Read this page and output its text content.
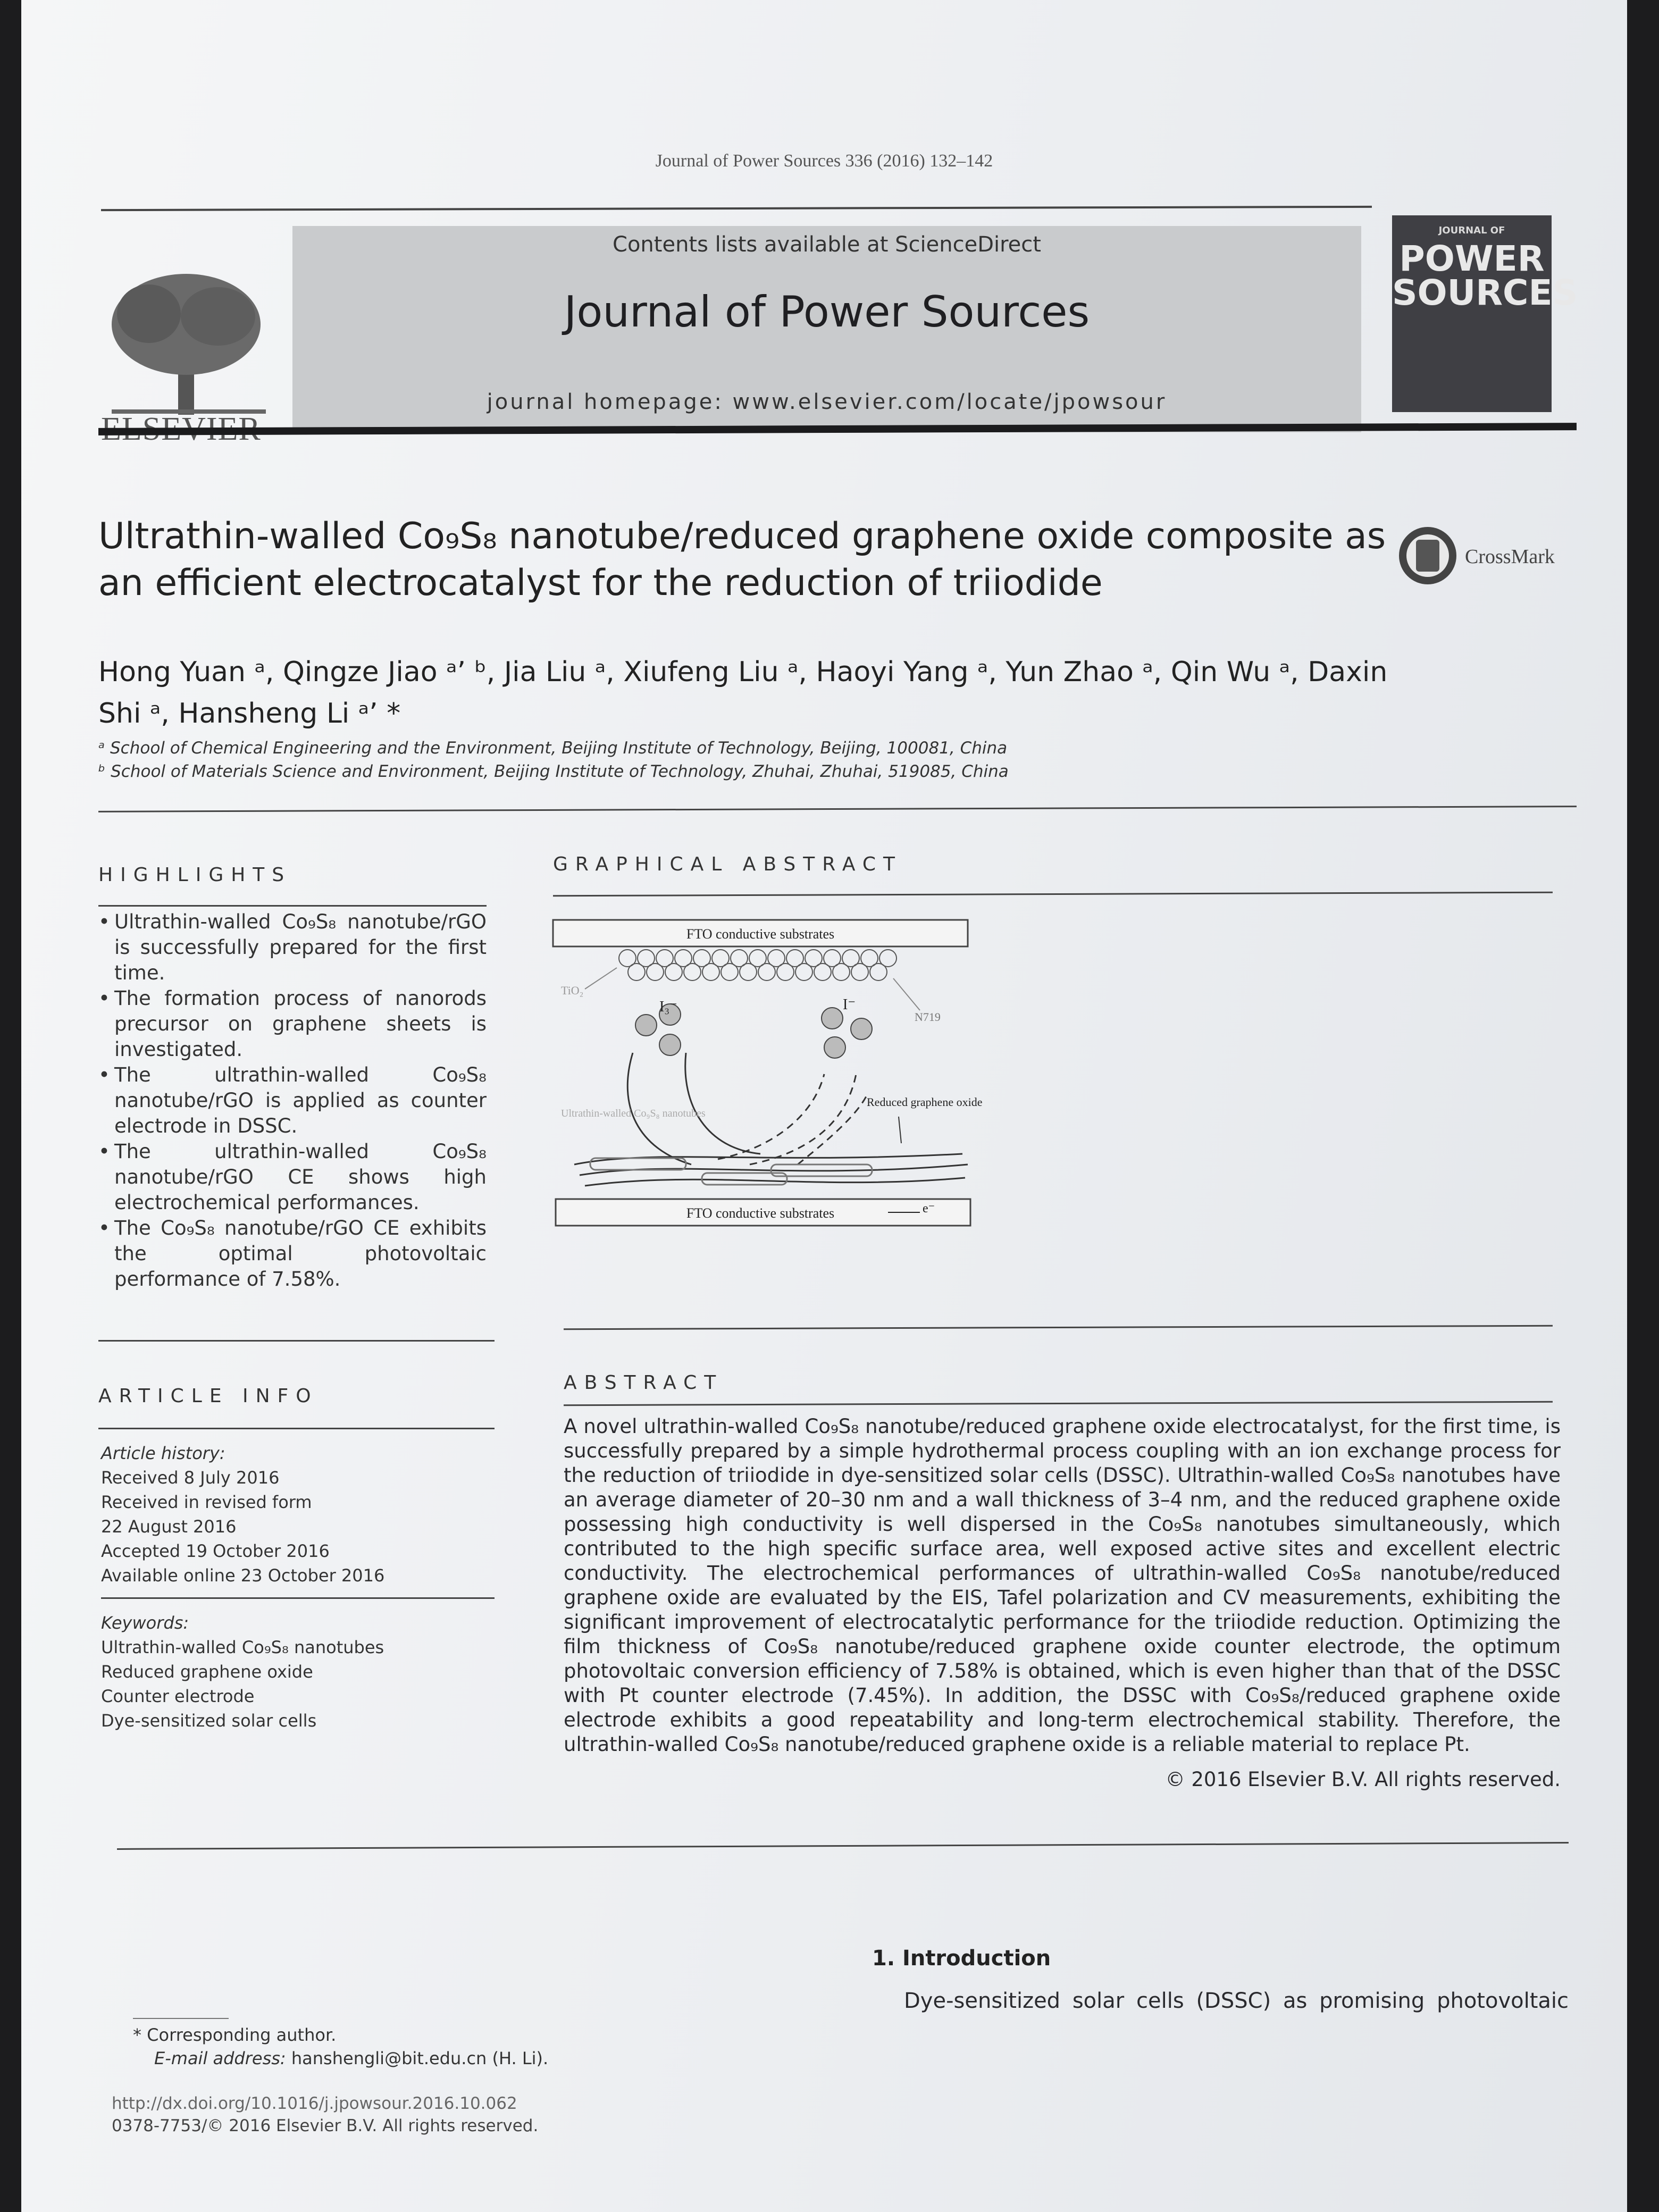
Journal of Power Sources 336 (2016) 132–142
Contents lists available at ScienceDirect
Journal of Power Sources
journal homepage: www.elsevier.com/locate/jpowsour
JOURNAL OF
POWER SOURCES
Ultrathin-walled Co₉S₈ nanotube/reduced graphene oxide composite as an efficient electrocatalyst for the reduction of triiodide
CrossMark
Hong Yuan ᵃ, Qingze Jiao ᵃ’ ᵇ, Jia Liu ᵃ, Xiufeng Liu ᵃ, Haoyi Yang ᵃ, Yun Zhao ᵃ, Qin Wu ᵃ, Daxin Shi ᵃ, Hansheng Li ᵃ’ *
ᵃ School of Chemical Engineering and the Environment, Beijing Institute of Technology, Beijing, 100081, China
ᵇ School of Materials Science and Environment, Beijing Institute of Technology, Zhuhai, Zhuhai, 519085, China
HIGHLIGHTS
• Ultrathin-walled Co₉S₈ nanotube/rGO is successfully prepared for the first time.
• The formation process of nanorods precursor on graphene sheets is investigated.
• The ultrathin-walled Co₉S₈ nanotube/rGO is applied as counter electrode in DSSC.
• The ultrathin-walled Co₉S₈ nanotube/rGO CE shows high electrochemical performances.
• The Co₉S₈ nanotube/rGO CE exhibits the optimal photovoltaic performance of 7.58%.
GRAPHICAL ABSTRACT
FTO conductive substrates
TiO₂
N719
I₃⁻	I⁻
Reduced graphene oxide
Ultrathin-walled Co₉S₈ nanotubes
FTO conductive substrates	e⁻
ARTICLE INFO
Article history:
Received 8 July 2016
Received in revised form
22 August 2016
Accepted 19 October 2016
Available online 23 October 2016
Keywords:
Ultrathin-walled Co₉S₈ nanotubes
Reduced graphene oxide
Counter electrode
Dye-sensitized solar cells
ABSTRACT
A novel ultrathin-walled Co₉S₈ nanotube/reduced graphene oxide electrocatalyst, for the first time, is successfully prepared by a simple hydrothermal process coupling with an ion exchange process for the reduction of triiodide in dye-sensitized solar cells (DSSC). Ultrathin-walled Co₉S₈ nanotubes have an average diameter of 20–30 nm and a wall thickness of 3–4 nm, and the reduced graphene oxide possessing high conductivity is well dispersed in the Co₉S₈ nanotubes simultaneously, which contributed to the high specific surface area, well exposed active sites and excellent electric conductivity. The electrochemical performances of ultrathin-walled Co₉S₈ nanotube/reduced graphene oxide are evaluated by the EIS, Tafel polarization and CV measurements, exhibiting the significant improvement of electrocatalytic performance for the triiodide reduction. Optimizing the film thickness of Co₉S₈ nanotube/reduced graphene oxide counter electrode, the optimum photovoltaic conversion efficiency of 7.58% is obtained, which is even higher than that of the DSSC with Pt counter electrode (7.45%). In addition, the DSSC with Co₉S₈/reduced graphene oxide electrode exhibits a good repeatability and long-term electrochemical stability. Therefore, the ultrathin-walled Co₉S₈ nanotube/reduced graphene oxide is a reliable material to replace Pt.
© 2016 Elsevier B.V. All rights reserved.
1. Introduction
Dye-sensitized solar cells (DSSC) as promising photovoltaic
* Corresponding author.
E-mail address: hanshengli@bit.edu.cn (H. Li).
http://dx.doi.org/10.1016/j.jpowsour.2016.10.062
0378-7753/© 2016 Elsevier B.V. All rights reserved.
